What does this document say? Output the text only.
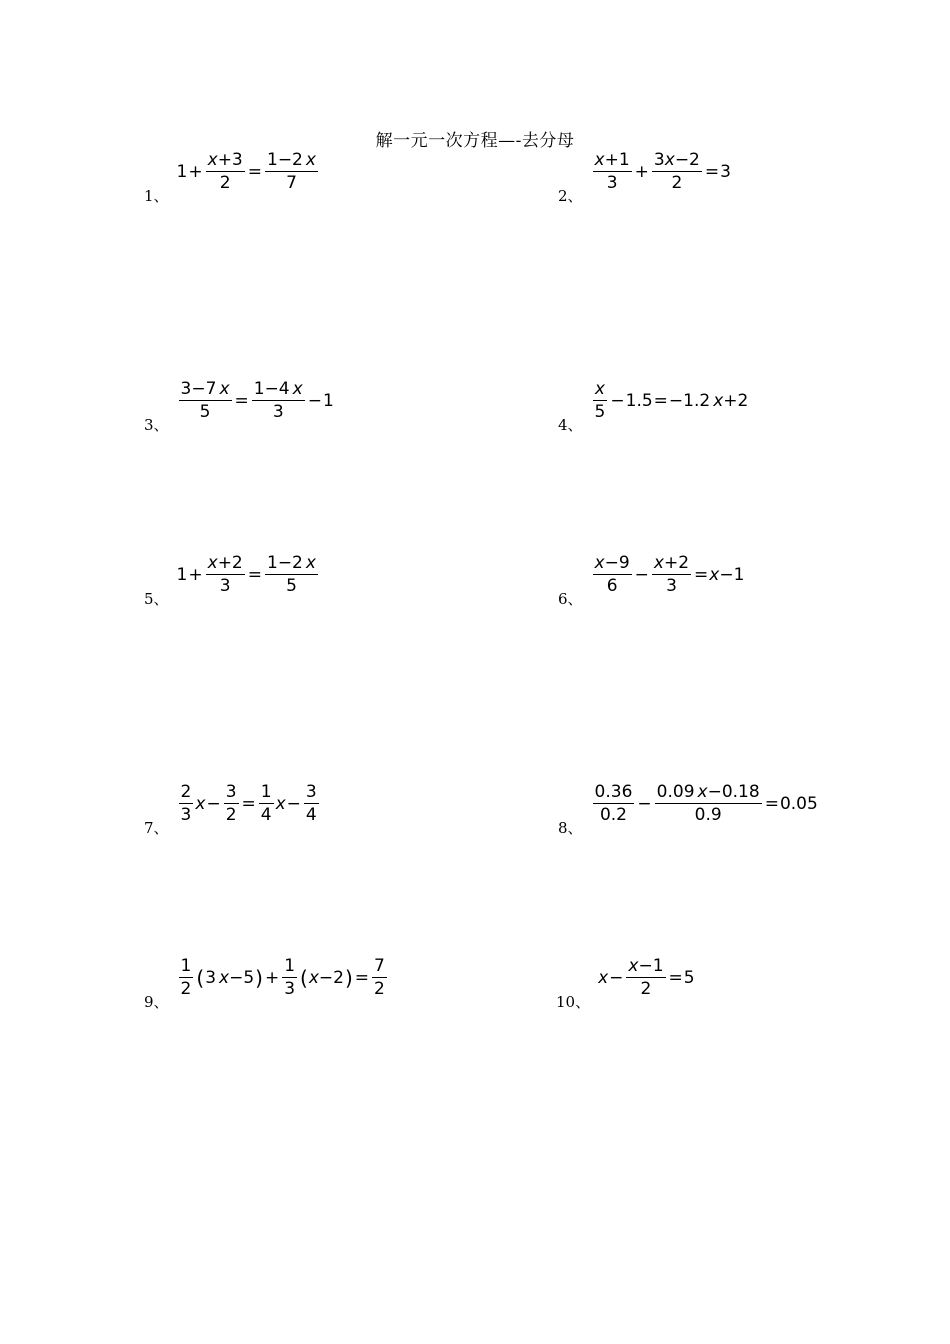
解一元一次方程—-去分母
1、
$1 + \frac{x+3}{2} = \frac{1-2 x}{7}$
2、
$\frac{x+1}{3} + \frac{3x-2}{2} = 3$
3、
$\frac{3-7 x}{5} = \frac{1-4 x}{3} - 1$
4、
$\frac{x}{5} - 1.5 = -1.2$ x +2
5、
$1 + \frac{x+2}{3} = \frac{1-2 x}{5}$
6、
$\frac{x-9}{6} - \frac{x+2}{3} = x -1$
7、
$\frac{2}{3}$ $x - \frac{3}{2} = \frac{1}{4}$ $x - \frac{3}{4}$
8、
$\frac{0.36}{0.2} - \frac{0.09 x-0.18}{0.9} = 0.05$
9、
$\frac{1}{2}$ ( 3 x −5 ) + $\frac{1}{3}$ ( x −2 ) = $\frac{7}{2}$
10、
$x - \frac{x-1}{2} = 5$
